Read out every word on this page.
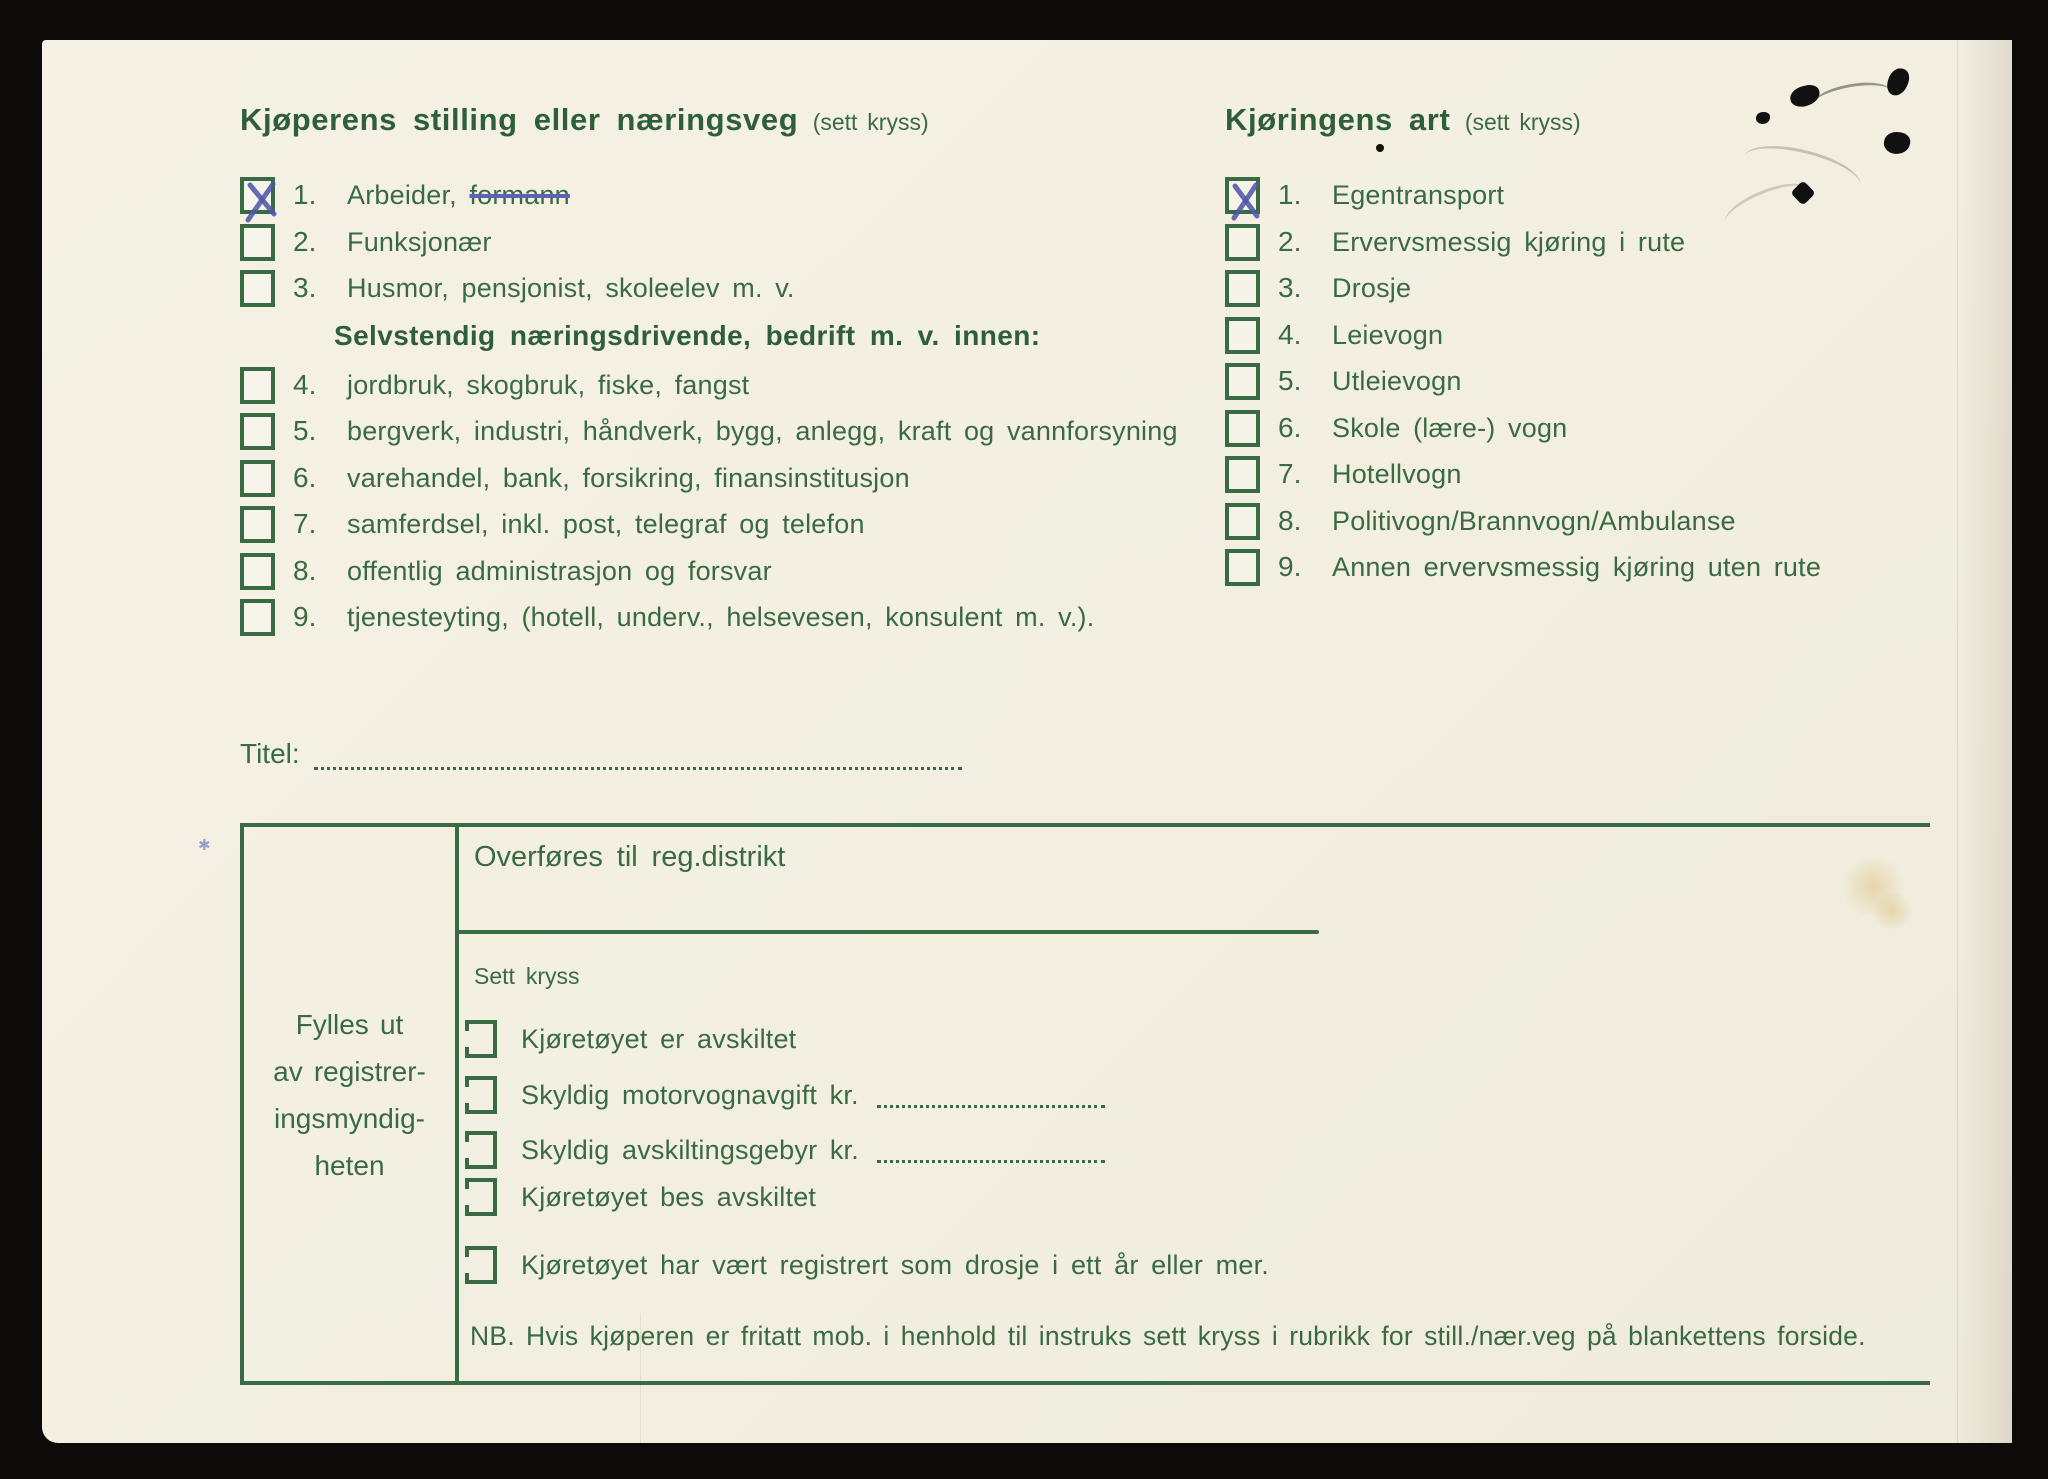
Kjøperens stilling eller næringsveg (sett kryss)
1.	Arbeider, formann
2.	Funksjonær
3.	Husmor, pensjonist, skoleelev m. v.
Selvstendig næringsdrivende, bedrift m. v. innen:
4.	jordbruk, skogbruk, fiske, fangst
5.	bergverk, industri, håndverk, bygg, anlegg, kraft og vannforsyning
6.	varehandel, bank, forsikring, finansinstitusjon
7.	samferdsel, inkl. post, telegraf og telefon
8.	offentlig administrasjon og forsvar
9.	tjenesteyting, (hotell, underv., helsevesen, konsulent m. v.).
Kjøringens art (sett kryss)
1.	Egentransport
2.	Ervervsmessig kjøring i rute
3.	Drosje
4.	Leievogn
5.	Utleievogn
6.	Skole (lære-) vogn
7.	Hotellvogn
8.	Politivogn/Brannvogn/Ambulanse
9.	Annen ervervsmessig kjøring uten rute
Titel:
Fylles ut
av registrer-
ingsmyndig-
heten
Overføres til reg.distrikt
Sett kryss
Kjøretøyet er avskiltet
Skyldig motorvognavgift kr.
Skyldig avskiltingsgebyr kr.
Kjøretøyet bes avskiltet
Kjøretøyet har vært registrert som drosje i ett år eller mer.
NB. Hvis kjøperen er fritatt mob. i henhold til instruks sett kryss i rubrikk for still./nær.veg på blankettens forside.
✱
